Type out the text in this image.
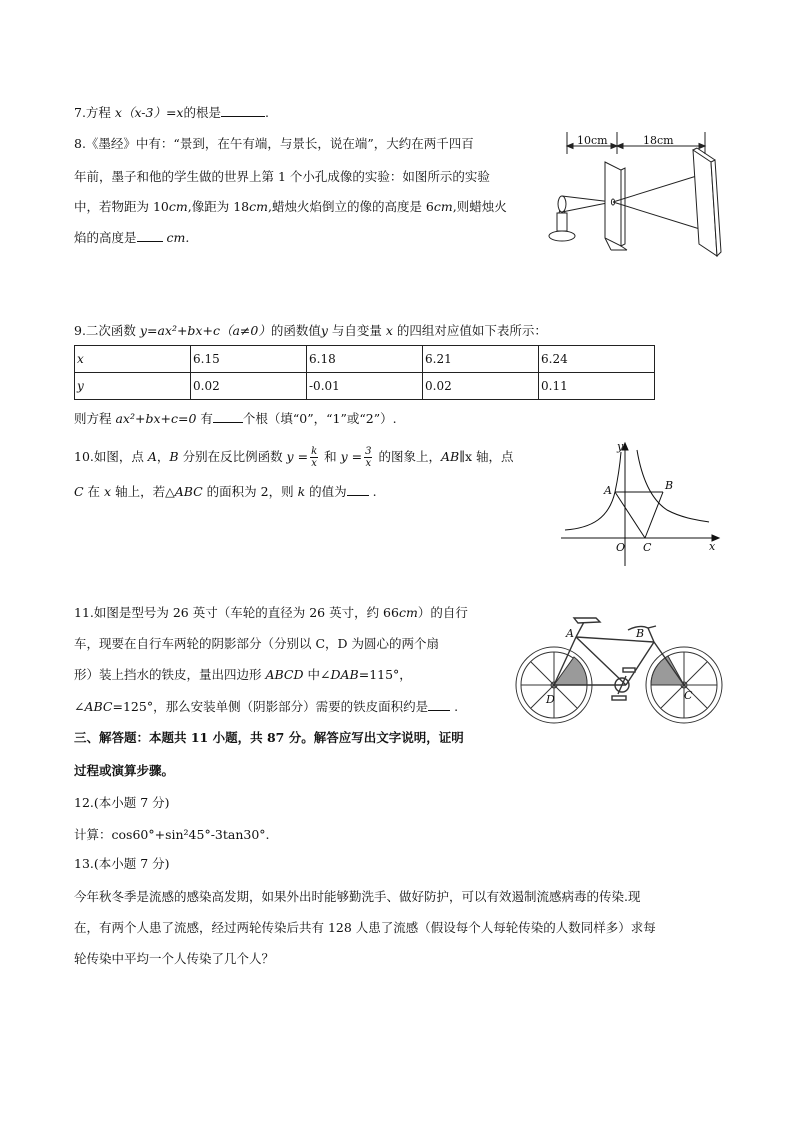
7.方程 x（x-3）=x的根是	.
8.《墨经》中有：“景到，在午有端，与景长，说在端”，大约在两千四百
年前，墨子和他的学生做的世界上第 1 个小孔成像的实验：如图所示的实验
中，若物距为 10cm,像距为 18cm,蜡烛火焰倒立的像的高度是 6cm,则蜡烛火
焰的高度是 cm.
10cm	18cm
9.二次函数 y=ax²+bx+c（a≠0）的函数值y 与自变量 x 的四组对应值如下表所示：
x	6.15	6.18	6.21	6.24
y	0.02	-0.01	0.02	0.11
则方程 ax²+bx+c=0 有 个根（填“0”，“1”或“2”）.
10.如图，点 A，B 分别在反比例函数 $y = \frac{k}{x}$ 和 $y = \frac{3}{x}$ 的图象上，AB∥x 轴，点
C 在 x 轴上，若△ABC 的面积为 2，则 k 的值为 .
y
x
A	B
O C
11.如图是型号为 26 英寸（车轮的直径为 26 英寸，约 66cm）的自行
车，现要在自行车两轮的阴影部分（分别以 C，D 为圆心的两个扇
形）装上挡水的铁皮，量出四边形 ABCD 中∠DAB=115°，
∠ABC=125°，那么安装单侧（阴影部分）需要的铁皮面积约是 .
A	B
C
D
三、解答题：本题共 11 小题，共 87 分。解答应写出文字说明，证明
过程或演算步骤。
12.(本小题 7 分)
计算：cos60°+sin²45°-3tan30°.
13.(本小题 7 分)
今年秋冬季是流感的感染高发期，如果外出时能够勤洗手、做好防护，可以有效遏制流感病毒的传染.现
在，有两个人患了流感，经过两轮传染后共有 128 人患了流感（假设每个人每轮传染的人数同样多）求每
轮传染中平均一个人传染了几个人？
